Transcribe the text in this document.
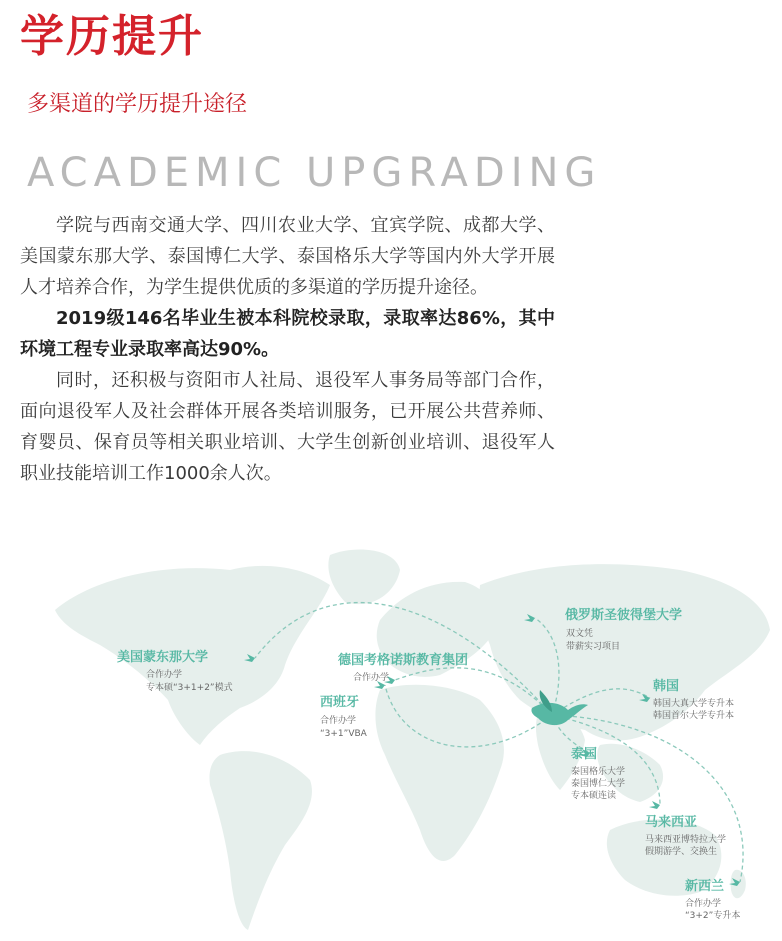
学历提升
多渠道的学历提升途径
ACADEMIC UPGRADING

学院与西南交通大学、四川农业大学、宜宾学院、成都大学、美国蒙东那大学、泰国博仁大学、泰国格乐大学等国内外大学开展人才培养合作，为学生提供优质的多渠道的学历提升途径。

2019级146名毕业生被本科院校录取，录取率达86%，其中环境工程专业录取率高达90%。

同时，还积极与资阳市人社局、退役军人事务局等部门合作，面向退役军人及社会群体开展各类培训服务，已开展公共营养师、育婴员、保育员等相关职业培训、大学生创新创业培训、退役军人职业技能培训工作1000余人次。

美国蒙东那大学
合作办学
专本硕“3+1+2”模式
德国考格诺斯教育集团
合作办学
西班牙
合作办学
“3+1”VBA
俄罗斯圣彼得堡大学
双文凭
带薪实习项目
韩国
韩国大真大学专升本
韩国首尔大学专升本
泰国
泰国格乐大学
泰国博仁大学
专本硕连读
马来西亚
马来西亚博特拉大学
假期游学、交换生
新西兰
合作办学
“3+2”专升本
